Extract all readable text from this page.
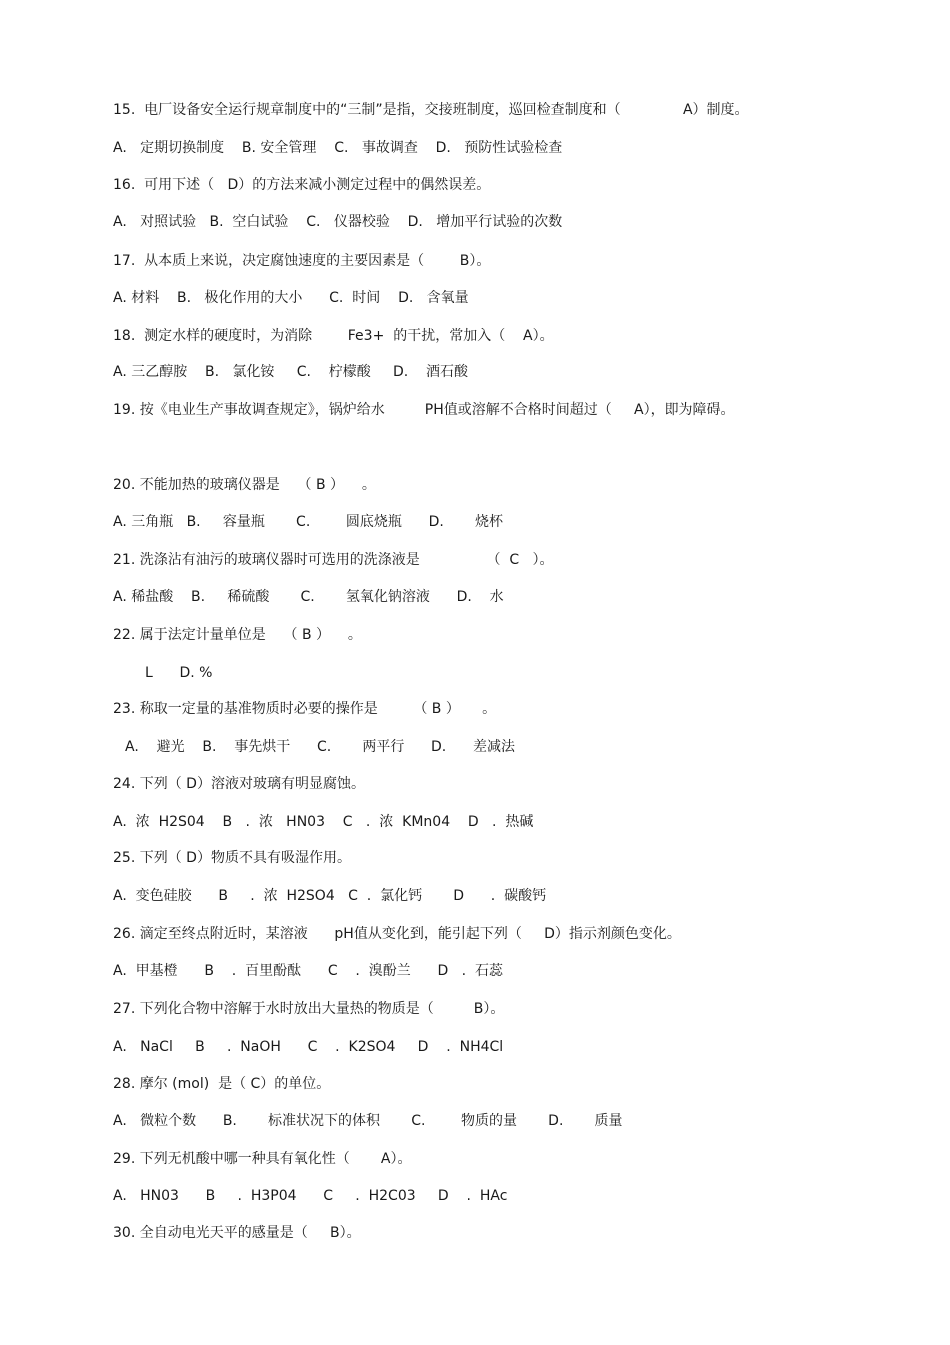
15.  电厂设备安全运行规章制度中的“三制”是指，交接班制度，巡回检查制度和（              A）制度。
A.   定期切换制度    B. 安全管理    C.   事故调查    D.   预防性试验检查
16.  可用下述（   D）的方法来减小测定过程中的偶然误差。
A.   对照试验   B.  空白试验    C.   仪器校验    D.   增加平行试验的次数
17.  从本质上来说，决定腐蚀速度的主要因素是（        B）。
A. 材料    B.   极化作用的大小      C.  时间    D.   含氧量
18.  测定水样的硬度时，为消除        Fe3+  的干扰，常加入（    A）。
A. 三乙醇胺    B.   氯化铵     C.    柠檬酸     D.    酒石酸
19. 按《电业生产事故调查规定》，锅炉给水         PH值或溶解不合格时间超过（     A），即为障碍。
20. 不能加热的玻璃仪器是    （ B ）    。
A. 三角瓶   B.     容量瓶       C.        圆底烧瓶      D.       烧杯
21. 洗涤沾有油污的玻璃仪器时可选用的洗涤液是               （  C   ）。
A. 稀盐酸    B.     稀硫酸       C.       氢氧化钠溶液      D.    水
22. 属于法定计量单位是    （ B ）    。
L      D. %
23. 称取一定量的基准物质时必要的操作是        （ B ）     。
A.    避光    B.    事先烘干      C.       两平行      D.      差减法
24. 下列（ D）溶液对玻璃有明显腐蚀。
A.  浓  H2S04    B   .  浓   HN03    C   .  浓  KMn04    D   .  热碱
25. 下列（ D）物质不具有吸湿作用。
A.  变色硅胶      B     .  浓  H2SO4   C  .  氯化钙       D      .  碳酸钙
26. 滴定至终点附近时，某溶液      pH值从变化到，能引起下列（     D）指示剂颜色变化。
A.  甲基橙      B    .  百里酚酞      C    .  溴酚兰      D   .  石蕊
27. 下列化合物中溶解于水时放出大量热的物质是（         B）。
A.   NaCl     B     .  NaOH      C    .  K2SO4     D    .  NH4Cl
28. 摩尔 (mol)  是（ C）的单位。
A.   微粒个数      B.       标准状况下的体积       C.        物质的量       D.       质量
29. 下列无机酸中哪一种具有氧化性（       A）。
A.   HN03      B     .  H3P04      C     .  H2C03     D    .  HAc
30. 全自动电光天平的感量是（     B）。
